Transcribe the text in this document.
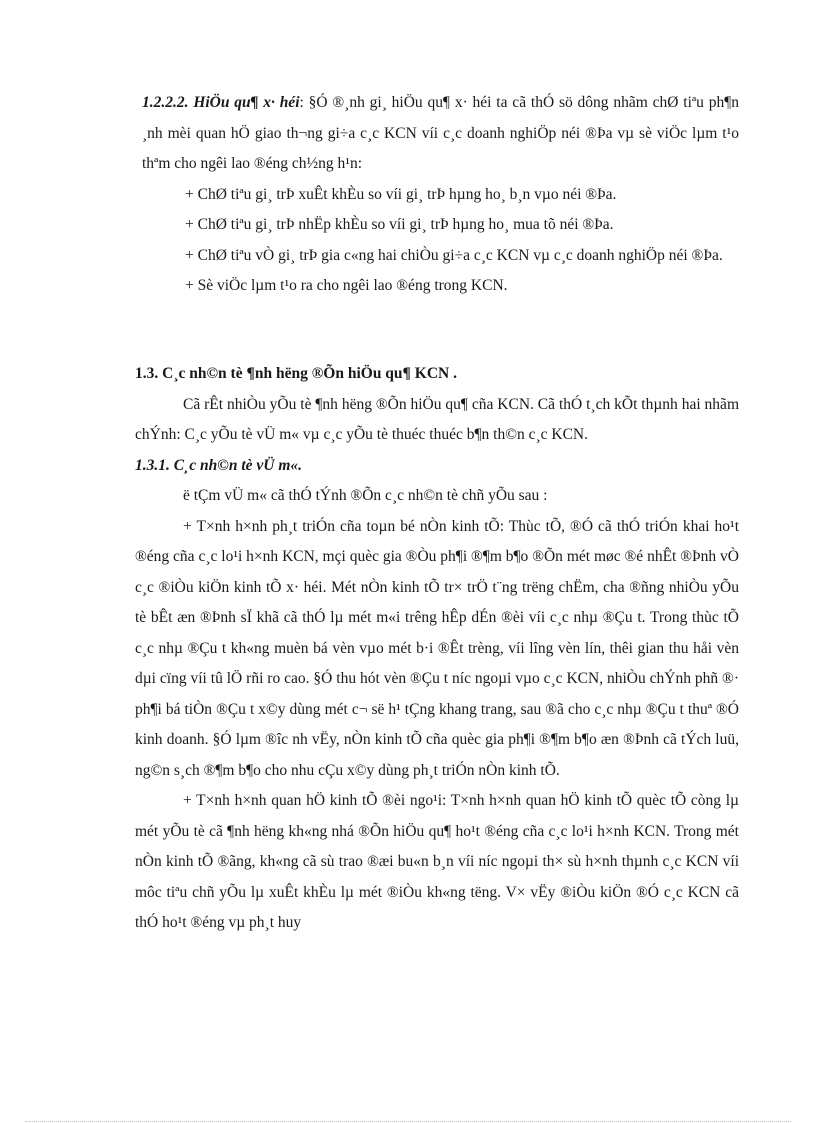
1.2.2.2. HiÖu qu¶ x· héi: §Ó ®¸nh gi¸ hiÖu qu¶ x· héi ta cã thÓ sö dông nhãm chØ tiªu ph¶n ¸nh mèi quan hÖ giao th¬ng gi÷a c¸c KCN víi c¸c doanh nghiÖp néi ®Þa vµ sè viÖc lµm t¹o thªm cho ngêi lao ®éng ch½ng h¹n:

+ ChØ tiªu gi¸ trÞ xuÊt khÈu so víi gi¸ trÞ hµng ho¸ b¸n vµo néi ®Þa.

+ ChØ tiªu gi¸ trÞ nhËp khÈu so víi gi¸ trÞ hµng ho¸ mua tõ néi ®Þa.

+ ChØ tiªu vÒ gi¸ trÞ gia c«ng hai chiÒu gi÷a c¸c KCN vµ c¸c doanh nghiÖp néi ®Þa.

+ Sè viÖc lµm t¹o ra cho ngêi lao ®éng trong KCN.

1.3. C¸c nh©n tè ¶nh hëng ®Õn hiÖu qu¶ KCN .

Cã rÊt nhiÒu yÕu tè ¶nh hëng ®Õn hiÖu qu¶ cña KCN. Cã thÓ t¸ch kÕt thµnh hai nhãm chÝnh: C¸c yÕu tè vÜ m« vµ c¸c yÕu tè thuéc thuéc b¶n th©n c¸c KCN.

1.3.1. C¸c nh©n tè vÜ m«.

ë tÇm vÜ m« cã thÓ tÝnh ®Õn c¸c nh©n tè chñ yÕu sau :

+ T×nh h×nh ph¸t triÓn cña toµn bé nÒn kinh tÕ: Thùc tÕ, ®Ó cã thÓ triÓn khai ho¹t ®éng cña c¸c lo¹i h×nh KCN, mçi quèc gia ®Òu ph¶i ®¶m b¶o ®Õn mét møc ®é nhÊt ®Þnh vÒ c¸c ®iÒu kiÖn kinh tÕ x· héi. Mét nÒn kinh tÕ tr× trÖ t¨ng trëng chËm, cha ®ñng nhiÒu yÕu tè bÊt æn ®Þnh sÏ khã cã thÓ lµ mét m«i trêng hÊp dÉn ®èi víi c¸c nhµ ®Çu t. Trong thùc tÕ c¸c nhµ ®Çu t kh«ng muèn bá vèn vµo mét b·i ®Êt trèng, víi lîng vèn lín, thêi gian thu håi vèn dµi cïng víi tû lÖ rñi ro cao. §Ó thu hót vèn ®Çu t níc ngoµi vµo c¸c KCN, nhiÒu chÝnh phñ ®· ph¶i bá tiÒn ®Çu t x©y dùng mét c¬ së h¹ tÇng khang trang, sau ®ã cho c¸c nhµ ®Çu t thuª ®Ó kinh doanh. §Ó lµm ®îc nh vËy, nÒn kinh tÕ cña quèc gia ph¶i ®¶m b¶o æn ®Þnh cã tÝch luü, ng©n s¸ch ®¶m b¶o cho nhu cÇu x©y dùng ph¸t triÓn nÒn kinh tÕ.

+ T×nh h×nh quan hÖ kinh tÕ ®èi ngo¹i: T×nh h×nh quan hÖ kinh tÕ quèc tÕ còng lµ mét yÕu tè cã ¶nh hëng kh«ng nhá ®Õn hiÖu qu¶ ho¹t ®éng cña c¸c lo¹i h×nh KCN. Trong mét nÒn kinh tÕ ®ãng, kh«ng cã sù trao ®æi bu«n b¸n víi níc ngoµi th× sù h×nh thµnh c¸c KCN víi môc tiªu chñ yÕu lµ xuÊt khÈu lµ mét ®iÒu kh«ng tëng. V× vËy ®iÒu kiÖn ®Ó c¸c KCN cã thÓ ho¹t ®éng vµ ph¸t huy
